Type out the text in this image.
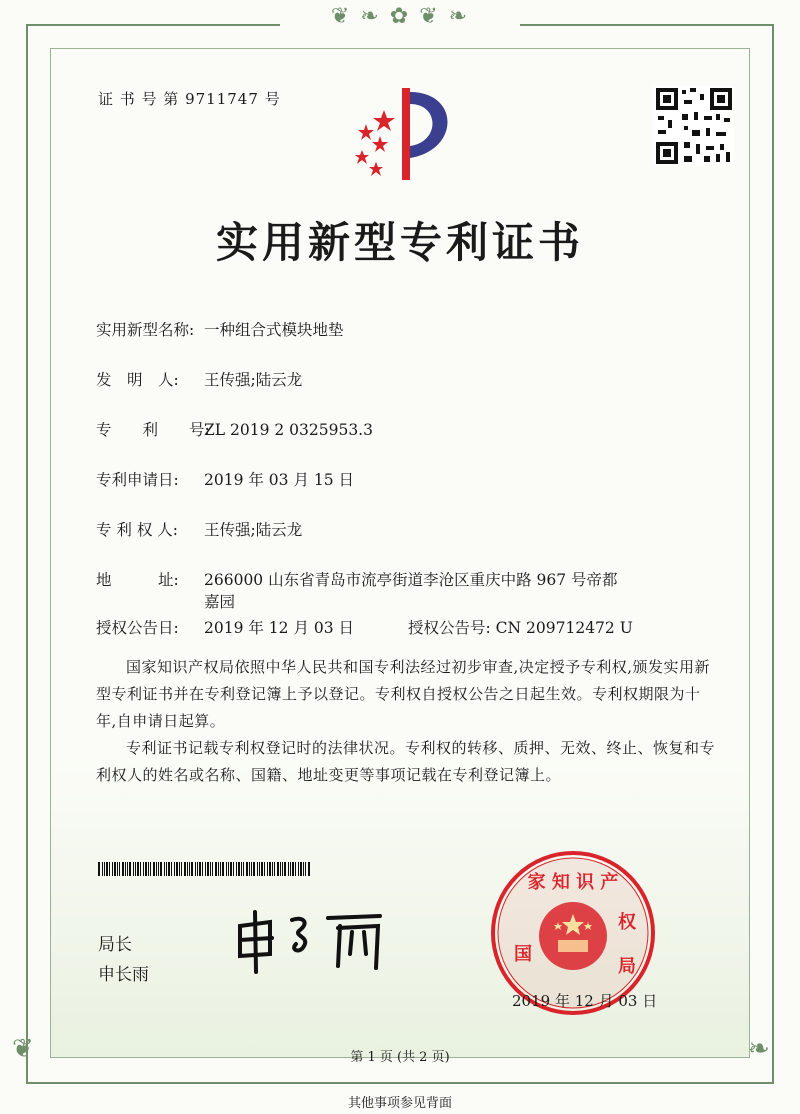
❦ ❧ ✿ ❦ ❧
❦	❧
证 书 号 第 9711747 号
实用新型专利证书
实用新型名称: 一种组合式模块地垫
发　明　人: 王传强;陆云龙
专　　利　　号:ZL 2019 2 0325953.3
专利申请日: 2019 年 03 月 15 日
专 利 权 人: 王传强;陆云龙
地　　　址: 266000 山东省青岛市流亭街道李沧区重庆中路 967 号帝都
嘉园
授权公告日: 2019 年 12 月 03 日	授权公告号: CN 209712472 U
国家知识产权局依照中华人民共和国专利法经过初步审查,决定授予专利权,颁发实用新型专利证书并在专利登记簿上予以登记。专利权自授权公告之日起生效。专利权期限为十年,自申请日起算。
专利证书记载专利权登记时的法律状况。专利权的转移、质押、无效、终止、恢复和专利权人的姓名或名称、国籍、地址变更等事项记载在专利登记簿上。
局长
申长雨
家 知 识 产
国
权
局
2019 年 12 月 03 日
第 1 页 (共 2 页)
其他事项参见背面
